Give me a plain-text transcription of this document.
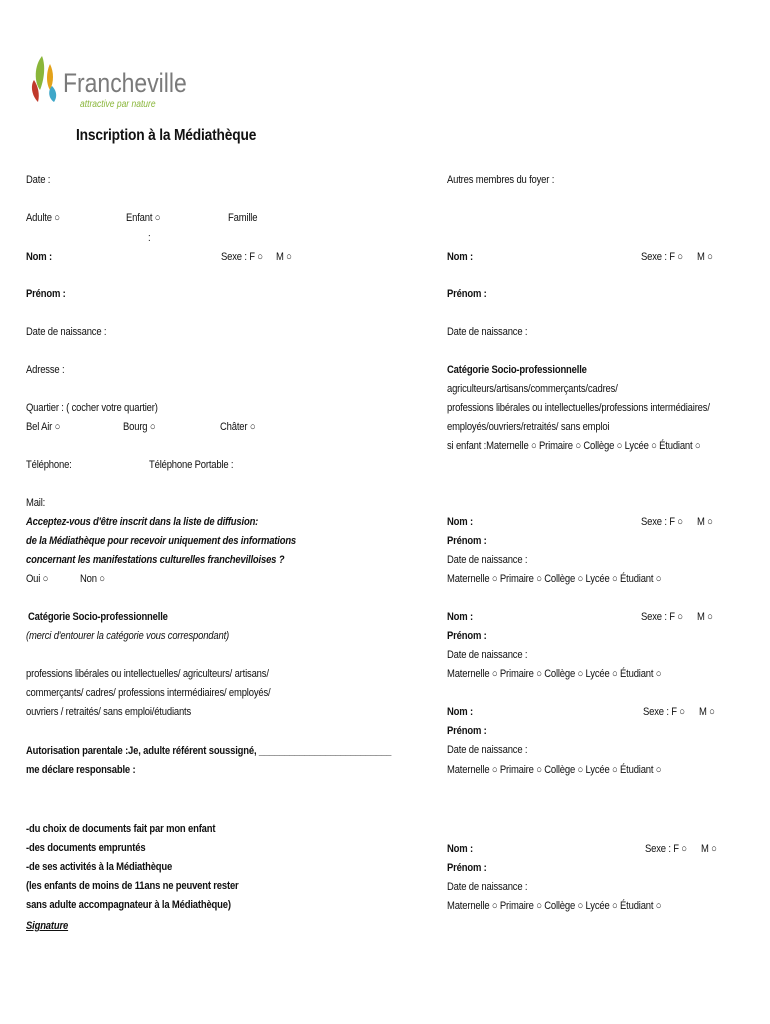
Francheville
attractive par nature
Inscription à la Médiathèque
Date :
Adulte ○	Enfant ○	Famille
:
Nom :	Sexe : F ○ M ○
Prénom :
Date de naissance :
Adresse :
Quartier : ( cocher votre quartier)
Bel Air ○	Bourg ○	Châter ○
Téléphone:	Téléphone Portable :
Mail:
Acceptez-vous d'être inscrit dans la liste de diffusion:
de la Médiathèque pour recevoir uniquement des informations
concernant les manifestations culturelles franchevilloises ?
Oui ○	Non ○
Catégorie Socio-professionnelle
(merci d'entourer la catégorie vous correspondant)
professions libérales ou intellectuelles/ agriculteurs/ artisans/
commerçants/ cadres/ professions intermédiaires/ employés/
ouvriers / retraités/ sans emploi/étudiants
Autorisation parentale :Je, adulte référent soussigné, __________________________
me déclare responsable :
-du choix de documents fait par mon enfant
-des documents empruntés
-de ses activités à la Médiathèque
(les enfants de moins de 11ans ne peuvent rester
sans adulte accompagnateur à la Médiathèque)
Signature
Autres membres du foyer :
Nom :	Sexe : F ○ M ○
Prénom :
Date de naissance :
Catégorie Socio-professionnelle
agriculteurs/artisans/commerçants/cadres/
professions libérales ou intellectuelles/professions intermédiaires/
employés/ouvriers/retraités/ sans emploi
si enfant :Maternelle ○ Primaire ○ Collège ○ Lycée ○ Étudiant ○
Nom :	Sexe : F ○ M ○
Prénom :
Date de naissance :
Maternelle ○ Primaire ○ Collège ○ Lycée ○ Étudiant ○
Nom :	Sexe : F ○ M ○
Prénom :
Date de naissance :
Maternelle ○ Primaire ○ Collège ○ Lycée ○ Étudiant ○
Nom :	Sexe : F ○ M ○
Prénom :
Date de naissance :
Maternelle ○ Primaire ○ Collège ○ Lycée ○ Étudiant ○
Nom :	Sexe : F ○ M ○
Prénom :
Date de naissance :
Maternelle ○ Primaire ○ Collège ○ Lycée ○ Étudiant ○
